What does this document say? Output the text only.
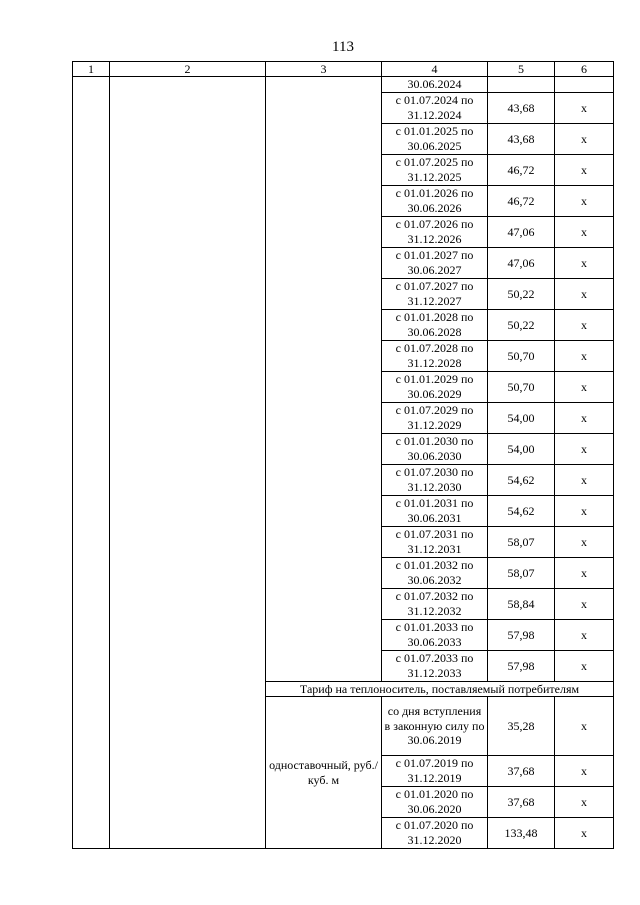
113
1	2	3	4	5	6
			30.06.2024		
			с 01.07.2024 по 31.12.2024	43,68	x
			с 01.01.2025 по 30.06.2025	43,68	x
			с 01.07.2025 по 31.12.2025	46,72	x
			с 01.01.2026 по 30.06.2026	46,72	x
			с 01.07.2026 по 31.12.2026	47,06	x
			с 01.01.2027 по 30.06.2027	47,06	x
			с 01.07.2027 по 31.12.2027	50,22	x
			с 01.01.2028 по 30.06.2028	50,22	x
			с 01.07.2028 по 31.12.2028	50,70	x
			с 01.01.2029 по 30.06.2029	50,70	x
			с 01.07.2029 по 31.12.2029	54,00	x
			с 01.01.2030 по 30.06.2030	54,00	x
			с 01.07.2030 по 31.12.2030	54,62	x
			с 01.01.2031 по 30.06.2031	54,62	x
			с 01.07.2031 по 31.12.2031	58,07	x
			с 01.01.2032 по 30.06.2032	58,07	x
			с 01.07.2032 по 31.12.2032	58,84	x
			с 01.01.2033 по 30.06.2033	57,98	x
			с 01.07.2033 по 31.12.2033	57,98	x
		Тариф на теплоноситель, поставляемый потребителям			
		одноставочный, руб./куб. м	со дня вступления в законную силу по 30.06.2019	35,28	x
			с 01.07.2019 по 31.12.2019	37,68	x
			с 01.01.2020 по 30.06.2020	37,68	x
			с 01.07.2020 по 31.12.2020	133,48	x
